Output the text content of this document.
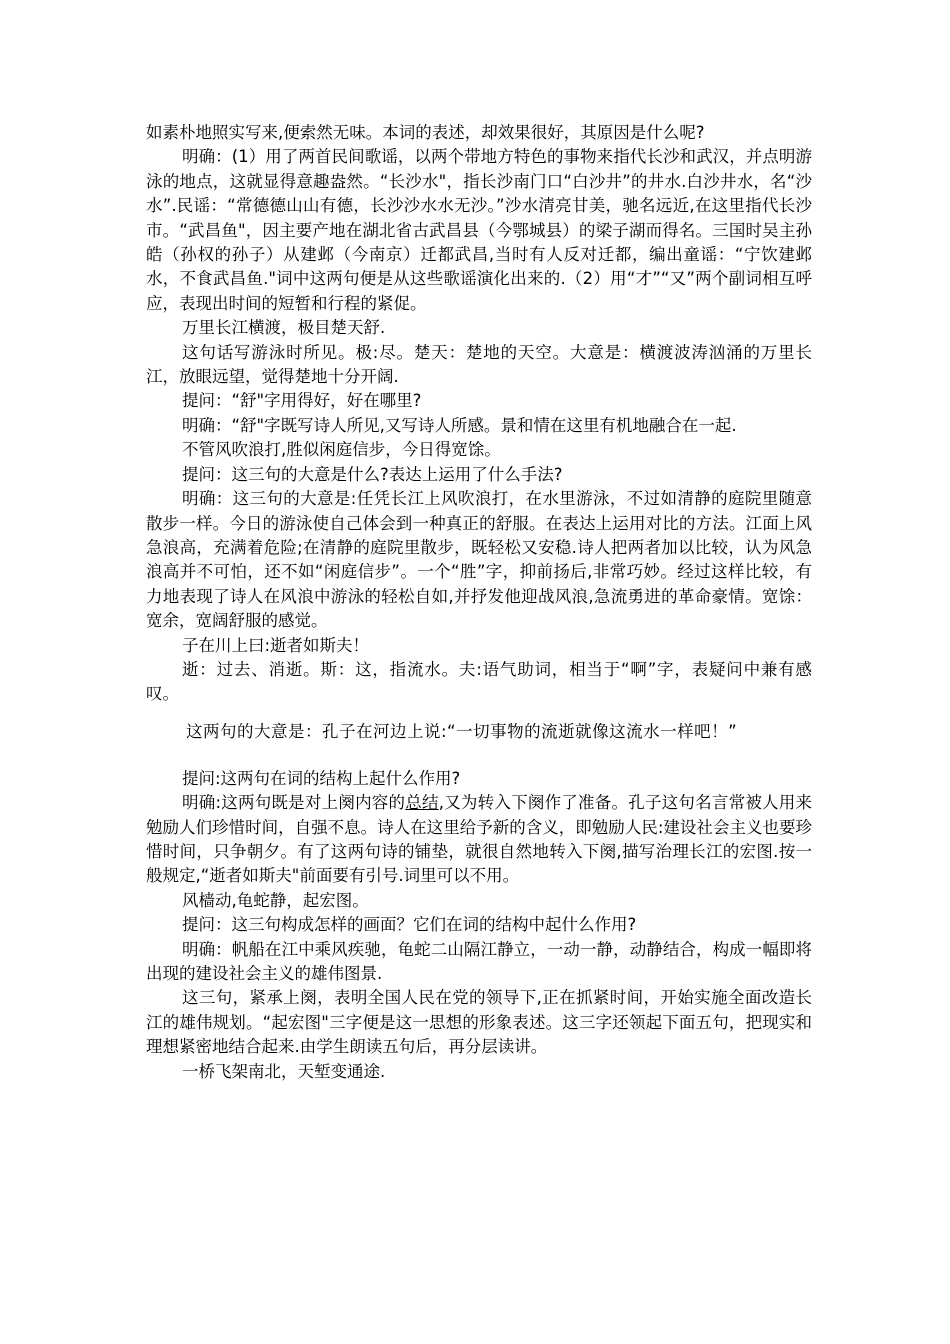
如素朴地照实写来,便索然无味。本词的表述，却效果很好，其原因是什么呢?

明确：(1）用了两首民间歌谣，以两个带地方特色的事物来指代长沙和武汉，并点明游泳的地点，这就显得意趣盎然。“长沙水"，指长沙南门口“白沙井”的井水.白沙井水，名“沙水”.民谣：“常德德山山有德，长沙沙水水无沙。”沙水清亮甘美，驰名远近,在这里指代长沙市。“武昌鱼"，因主要产地在湖北省古武昌县（今鄂城县）的梁子湖而得名。三国时吴主孙皓（孙权的孙子）从建邺（今南京）迁都武昌,当时有人反对迁都，编出童谣：“宁饮建邺水，不食武昌鱼."词中这两句便是从这些歌谣演化出来的.（2）用“才”“又”两个副词相互呼应，表现出时间的短暂和行程的紧促。

万里长江横渡，极目楚天舒.

这句话写游泳时所见。极:尽。楚天：楚地的天空。大意是：横渡波涛汹涌的万里长江，放眼远望，觉得楚地十分开阔.

提问：“舒"字用得好，好在哪里?

明确：“舒"字既写诗人所见,又写诗人所感。景和情在这里有机地融合在一起.

不管风吹浪打,胜似闲庭信步，今日得宽馀。

提问：这三句的大意是什么?表达上运用了什么手法?

明确：这三句的大意是:任凭长江上风吹浪打，在水里游泳，不过如清静的庭院里随意散步一样。今日的游泳使自己体会到一种真正的舒服。在表达上运用对比的方法。江面上风急浪高，充满着危险;在清静的庭院里散步，既轻松又安稳.诗人把两者加以比较，认为风急浪高并不可怕，还不如“闲庭信步”。一个“胜”字，抑前扬后,非常巧妙。经过这样比较，有力地表现了诗人在风浪中游泳的轻松自如,并抒发他迎战风浪,急流勇进的革命豪情。宽馀：宽余，宽阔舒服的感觉。

子在川上曰:逝者如斯夫！

逝：过去、消逝。斯：这，指流水。夫:语气助词，相当于“啊”字，表疑问中兼有感叹。

这两句的大意是：孔子在河边上说:“一切事物的流逝就像这流水一样吧！”

提问:这两句在词的结构上起什么作用?

明确:这两句既是对上阕内容的总结,又为转入下阕作了准备。孔子这句名言常被人用来勉励人们珍惜时间，自强不息。诗人在这里给予新的含义，即勉励人民:建设社会主义也要珍惜时间，只争朝夕。有了这两句诗的铺垫，就很自然地转入下阕,描写治理长江的宏图.按一般规定,“逝者如斯夫"前面要有引号.词里可以不用。

风樯动,龟蛇静，起宏图。

提问：这三句构成怎样的画面？它们在词的结构中起什么作用?

明确：帆船在江中乘风疾驰，龟蛇二山隔江静立，一动一静，动静结合，构成一幅即将出现的建设社会主义的雄伟图景.

这三句，紧承上阕，表明全国人民在党的领导下,正在抓紧时间，开始实施全面改造长江的雄伟规划。“起宏图"三字便是这一思想的形象表述。这三字还领起下面五句，把现实和理想紧密地结合起来.由学生朗读五句后，再分层读讲。

一桥飞架南北，天堑变通途.
